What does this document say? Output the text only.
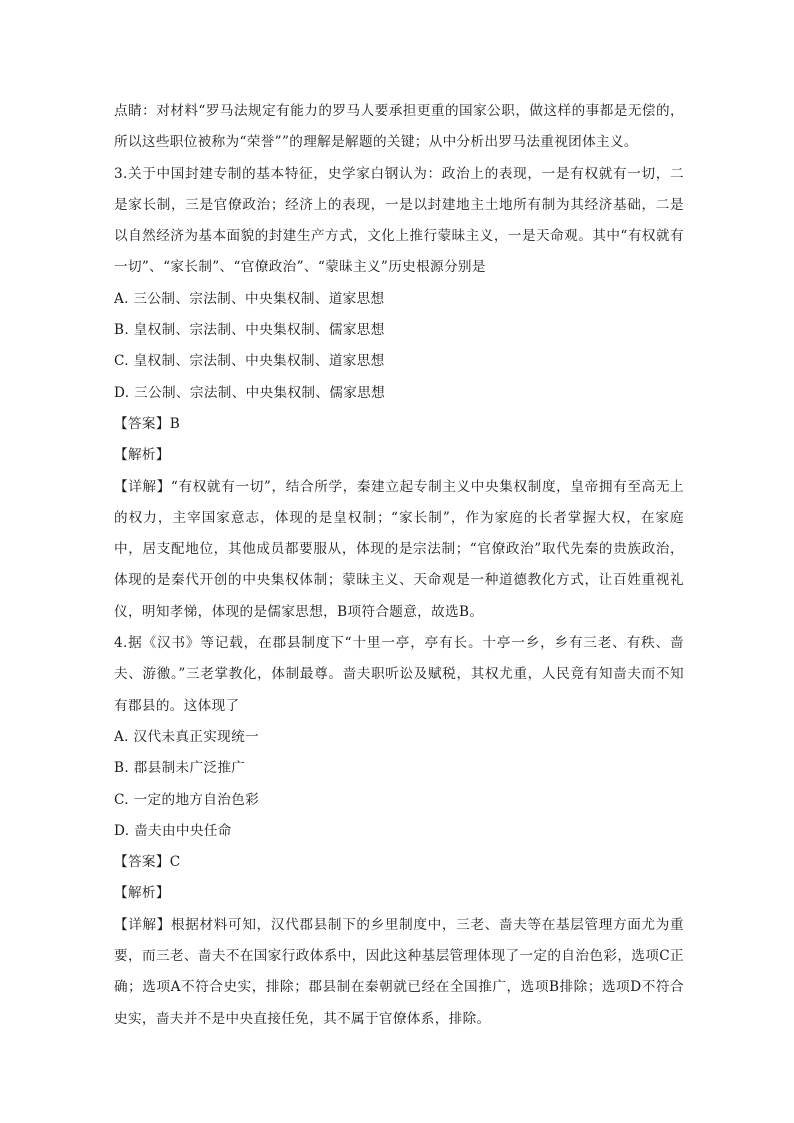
点睛：对材料“罗马法规定有能力的罗马人要承担更重的国家公职，做这样的事都是无偿的，所以这些职位被称为“荣誉””的理解是解题的关键；从中分析出罗马法重视团体主义。
3.关于中国封建专制的基本特征，史学家白钢认为：政治上的表现，一是有权就有一切，二是家长制，三是官僚政治；经济上的表现，一是以封建地主土地所有制为其经济基础，二是以自然经济为基本面貌的封建生产方式，文化上推行蒙昧主义，一是天命观。其中“有权就有一切”、“家长制”、“官僚政治”、“蒙昧主义”历史根源分别是
A. 三公制、宗法制、中央集权制、道家思想
B. 皇权制、宗法制、中央集权制、儒家思想
C. 皇权制、宗法制、中央集权制、道家思想
D. 三公制、宗法制、中央集权制、儒家思想
【答案】B
【解析】
【详解】“有权就有一切”，结合所学，秦建立起专制主义中央集权制度，皇帝拥有至高无上的权力，主宰国家意志，体现的是皇权制；“家长制”，作为家庭的长者掌握大权，在家庭中，居支配地位，其他成员都要服从，体现的是宗法制；“官僚政治”取代先秦的贵族政治，体现的是秦代开创的中央集权体制；蒙昧主义、天命观是一种道德教化方式，让百姓重视礼仪，明知孝悌，体现的是儒家思想，B项符合题意，故选B。
4.据《汉书》等记载，在郡县制度下“十里一亭，亭有长。十亭一乡，乡有三老、有秩、啬夫、游徼。”三老掌教化，体制最尊。啬夫职听讼及赋税，其权尤重，人民竟有知啬夫而不知有郡县的。这体现了
A. 汉代未真正实现统一
B. 郡县制未广泛推广
C. 一定的地方自治色彩
D. 啬夫由中央任命
【答案】C
【解析】
【详解】根据材料可知，汉代郡县制下的乡里制度中，三老、啬夫等在基层管理方面尤为重要，而三老、啬夫不在国家行政体系中，因此这种基层管理体现了一定的自治色彩，选项C正确；选项A不符合史实，排除；郡县制在秦朝就已经在全国推广，选项B排除；选项D不符合史实，啬夫并不是中央直接任免，其不属于官僚体系，排除。
